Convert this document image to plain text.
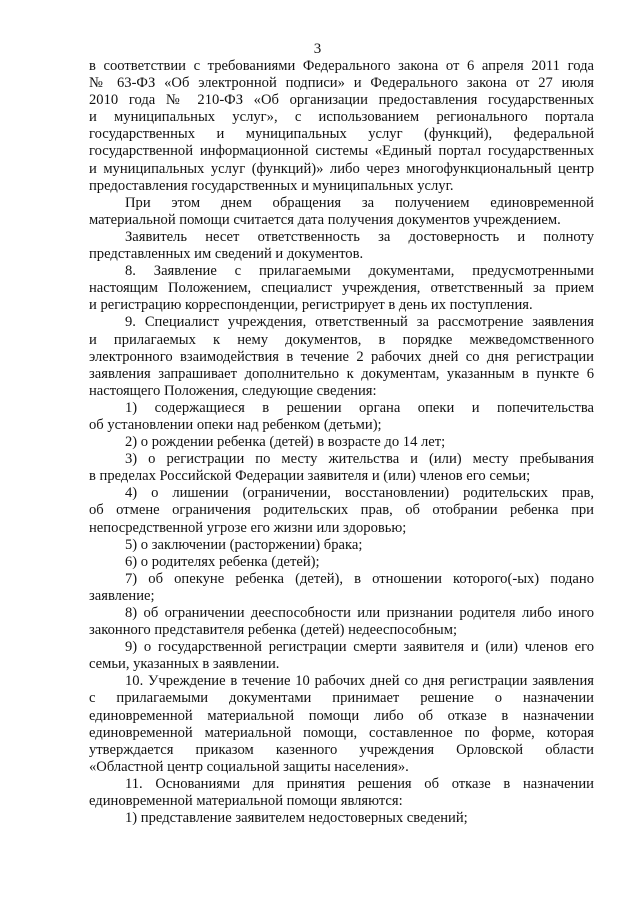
3

в соответствии с требованиями Федерального закона от 6 апреля 2011 года

№ 63-ФЗ «Об электронной подписи» и Федерального закона от 27 июля

2010 года № 210-ФЗ «Об организации предоставления государственных

и муниципальных услуг», с использованием регионального портала

государственных и муниципальных услуг (функций), федеральной

государственной информационной системы «Единый портал государственных

и муниципальных услуг (функций)» либо через многофункциональный центр

предоставления государственных и муниципальных услуг.

При этом днем обращения за получением единовременной

материальной помощи считается дата получения документов учреждением.

Заявитель несет ответственность за достоверность и полноту

представленных им сведений и документов.

8. Заявление с прилагаемыми документами, предусмотренными

настоящим Положением, специалист учреждения, ответственный за прием

и регистрацию корреспонденции, регистрирует в день их поступления.

9. Специалист учреждения, ответственный за рассмотрение заявления

и прилагаемых к нему документов, в порядке межведомственного

электронного взаимодействия в течение 2 рабочих дней со дня регистрации

заявления запрашивает дополнительно к документам, указанным в пункте 6

настоящего Положения, следующие сведения:

1) содержащиеся в решении органа опеки и попечительства

об установлении опеки над ребенком (детьми);

2) о рождении ребенка (детей) в возрасте до 14 лет;

3) о регистрации по месту жительства и (или) месту пребывания

в пределах Российской Федерации заявителя и (или) членов его семьи;

4) о лишении (ограничении, восстановлении) родительских прав,

об отмене ограничения родительских прав, об отобрании ребенка при

непосредственной угрозе его жизни или здоровью;

5) о заключении (расторжении) брака;

6) о родителях ребенка (детей);

7) об опекуне ребенка (детей), в отношении которого(-ых) подано

заявление;

8) об ограничении дееспособности или признании родителя либо иного

законного представителя ребенка (детей) недееспособным;

9) о государственной регистрации смерти заявителя и (или) членов его

семьи, указанных в заявлении.

10. Учреждение в течение 10 рабочих дней со дня регистрации заявления

с прилагаемыми документами принимает решение о назначении

единовременной материальной помощи либо об отказе в назначении

единовременной материальной помощи, составленное по форме, которая

утверждается приказом казенного учреждения Орловской области

«Областной центр социальной защиты населения».

11. Основаниями для принятия решения об отказе в назначении

единовременной материальной помощи являются:

1) представление заявителем недостоверных сведений;
